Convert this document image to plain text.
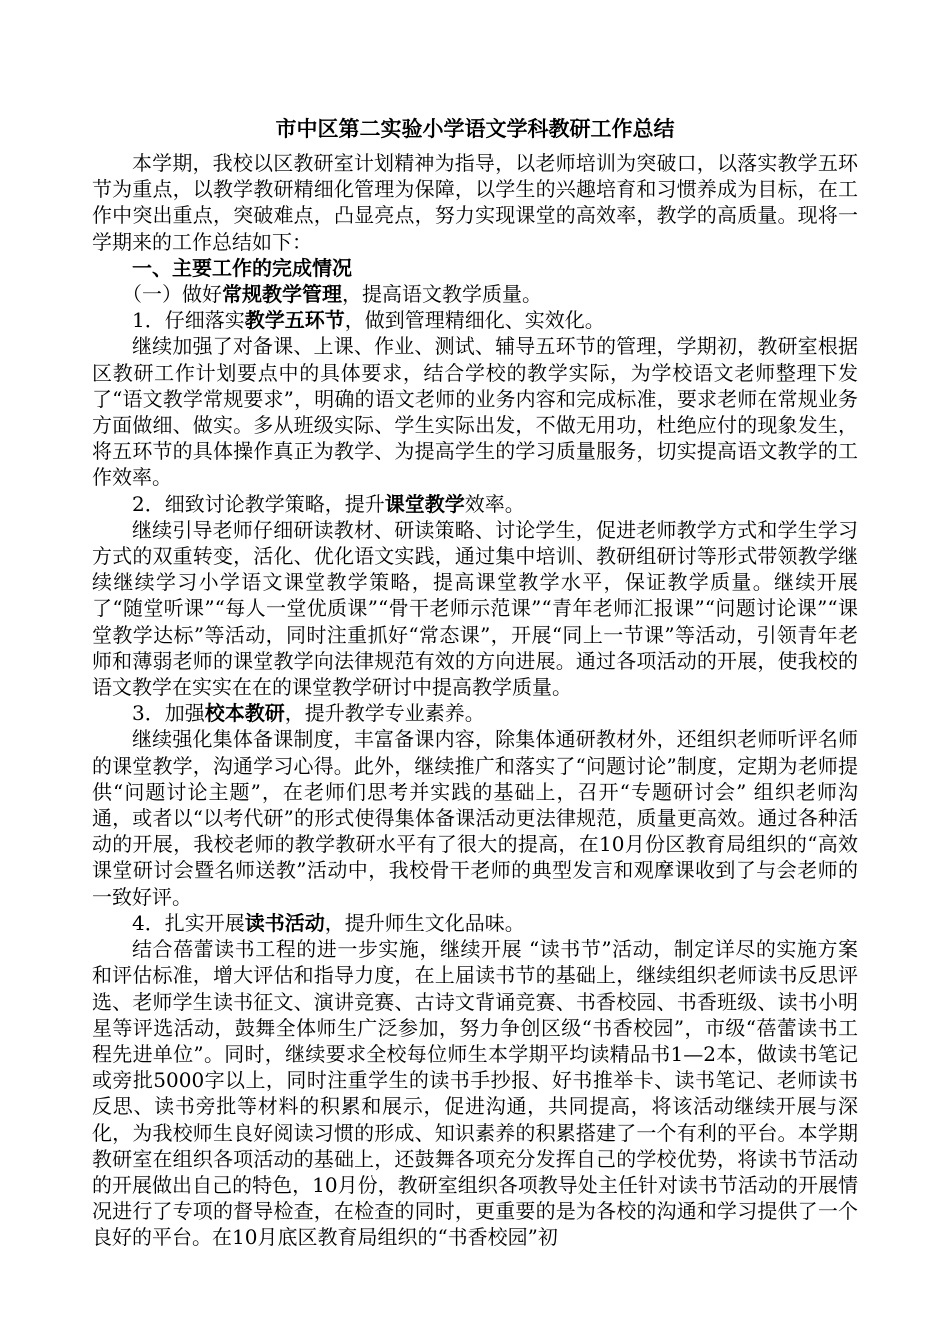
市中区第二实验小学语文学科教研工作总结

本学期，我校以区教研室计划精神为指导，以老师培训为突破口，以落实教学五环节为重点，以教学教研精细化管理为保障，以学生的兴趣培育和习惯养成为目标，在工作中突出重点，突破难点，凸显亮点，努力实现课堂的高效率，教学的高质量。现将一学期来的工作总结如下：

一、主要工作的完成情况

（一）做好常规教学管理，提高语文教学质量。

1．仔细落实教学五环节，做到管理精细化、实效化。

继续加强了对备课、上课、作业、测试、辅导五环节的管理，学期初，教研室根据区教研工作计划要点中的具体要求，结合学校的教学实际，为学校语文老师整理下发了“语文教学常规要求”，明确的语文老师的业务内容和完成标准，要求老师在常规业务方面做细、做实。多从班级实际、学生实际出发，不做无用功，杜绝应付的现象发生，将五环节的具体操作真正为教学、为提高学生的学习质量服务，切实提高语文教学的工作效率。

2．细致讨论教学策略，提升课堂教学效率。

继续引导老师仔细研读教材、研读策略、讨论学生，促进老师教学方式和学生学习方式的双重转变，活化、优化语文实践，通过集中培训、教研组研讨等形式带领教学继续继续学习小学语文课堂教学策略，提高课堂教学水平，保证教学质量。继续开展了“随堂听课”“每人一堂优质课”“骨干老师示范课”“青年老师汇报课”“问题讨论课”“课堂教学达标”等活动，同时注重抓好“常态课”，开展“同上一节课”等活动，引领青年老师和薄弱老师的课堂教学向法律规范有效的方向进展。通过各项活动的开展，使我校的语文教学在实实在在的课堂教学研讨中提高教学质量。

3．加强校本教研，提升教学专业素养。

继续强化集体备课制度，丰富备课内容，除集体通研教材外，还组织老师听评名师的课堂教学，沟通学习心得。此外，继续推广和落实了“问题讨论”制度，定期为老师提供“问题讨论主题”，在老师们思考并实践的基础上，召开“专题研讨会” 组织老师沟通，或者以“以考代研”的形式使得集体备课活动更法律规范，质量更高效。通过各种活动的开展，我校老师的教学教研水平有了很大的提高，在10月份区教育局组织的“高效课堂研讨会暨名师送教”活动中，我校骨干老师的典型发言和观摩课收到了与会老师的一致好评。

4．扎实开展读书活动，提升师生文化品味。

结合蓓蕾读书工程的进一步实施，继续开展 “读书节”活动，制定详尽的实施方案和评估标准，增大评估和指导力度，在上届读书节的基础上，继续组织老师读书反思评选、老师学生读书征文、演讲竞赛、古诗文背诵竞赛、书香校园、书香班级、读书小明星等评选活动，鼓舞全体师生广泛参加，努力争创区级“书香校园”，市级“蓓蕾读书工程先进单位”。同时，继续要求全校每位师生本学期平均读精品书1—2本，做读书笔记或旁批5000字以上，同时注重学生的读书手抄报、好书推举卡、读书笔记、老师读书反思、读书旁批等材料的积累和展示，促进沟通，共同提高，将该活动继续开展与深化，为我校师生良好阅读习惯的形成、知识素养的积累搭建了一个有利的平台。本学期教研室在组织各项活动的基础上，还鼓舞各项充分发挥自己的学校优势，将读书节活动的开展做出自己的特色，10月份，教研室组织各项教导处主任针对读书节活动的开展情况进行了专项的督导检查，在检查的同时，更重要的是为各校的沟通和学习提供了一个良好的平台。在10月底区教育局组织的“书香校园”初
